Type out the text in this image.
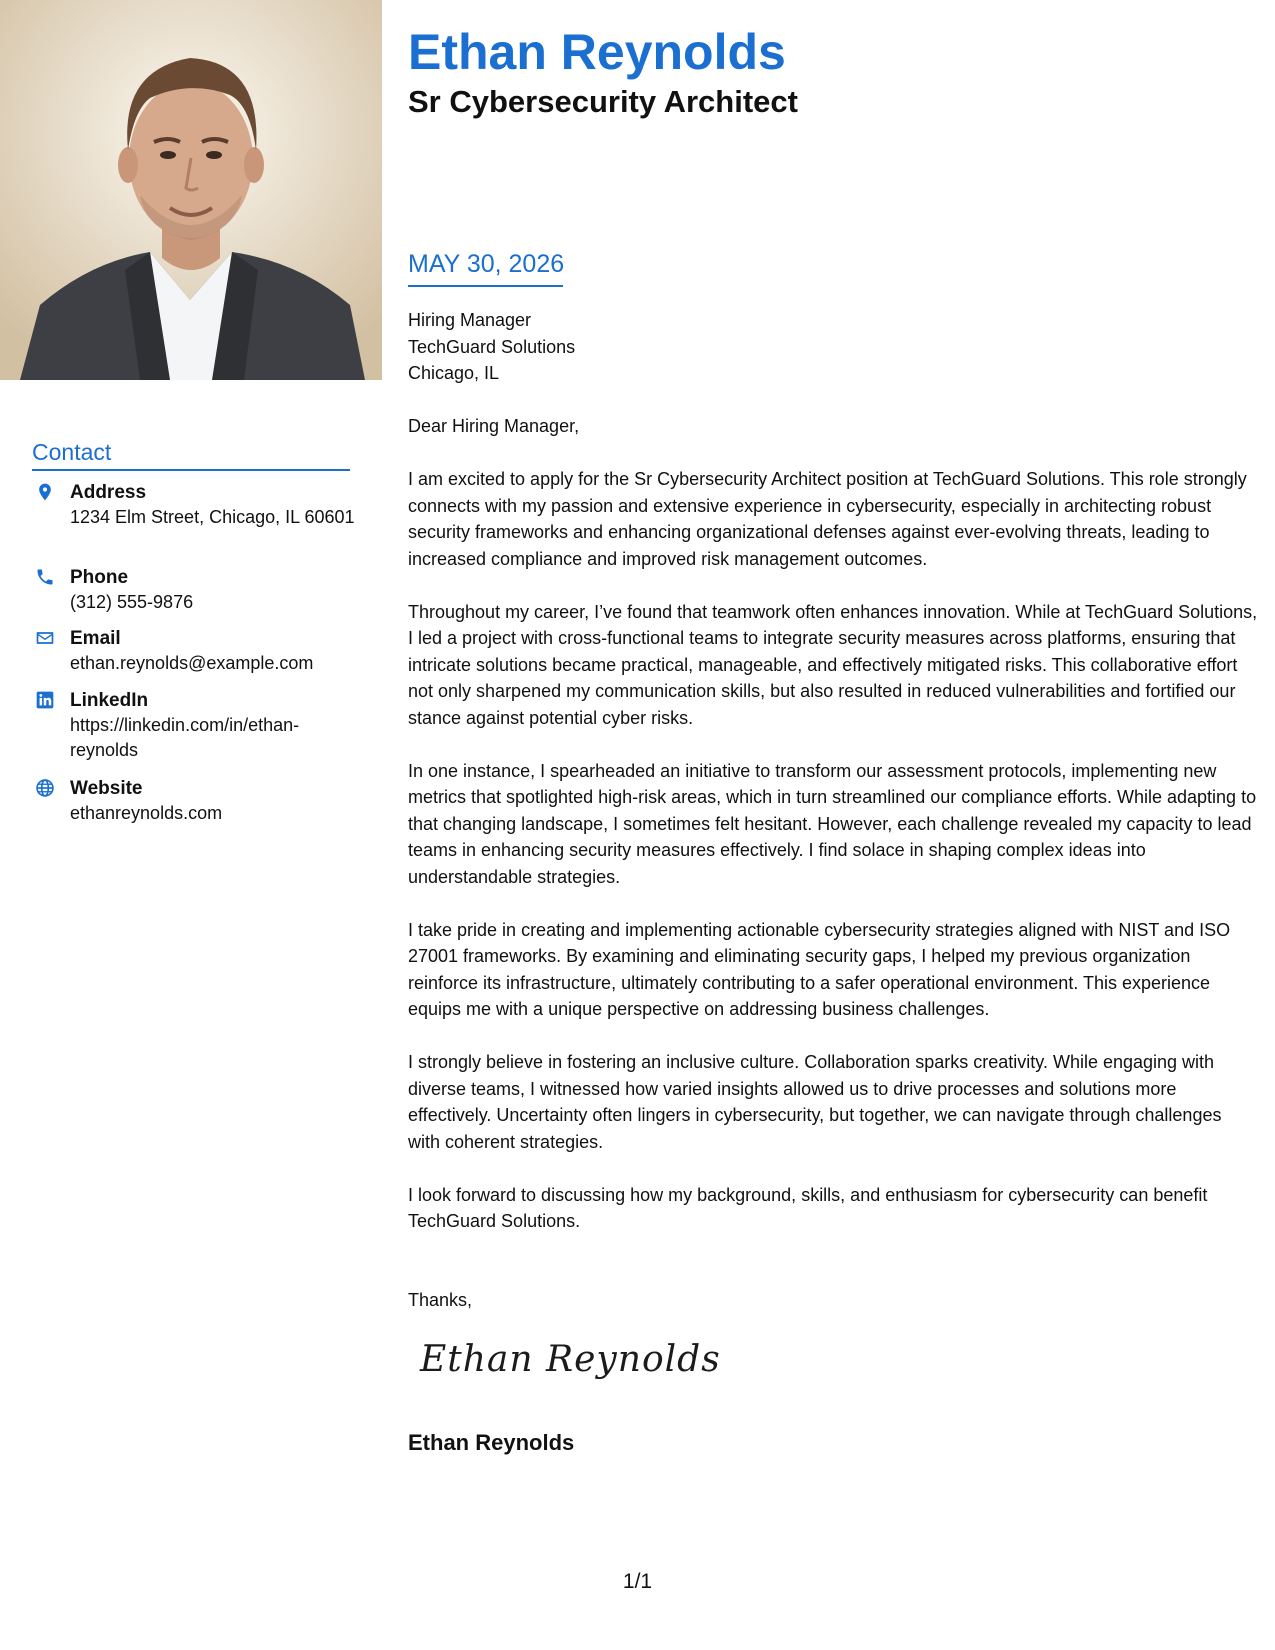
Ethan Reynolds
Sr Cybersecurity Architect
MAY 30, 2026
Hiring Manager
TechGuard Solutions
Chicago, IL

Dear Hiring Manager,

I am excited to apply for the Sr Cybersecurity Architect position at TechGuard Solutions. This role strongly connects with my passion and extensive experience in cybersecurity, especially in architecting robust security frameworks and enhancing organizational defenses against ever-evolving threats, leading to increased compliance and improved risk management outcomes.

Throughout my career, I’ve found that teamwork often enhances innovation. While at TechGuard Solutions, I led a project with cross-functional teams to integrate security measures across platforms, ensuring that intricate solutions became practical, manageable, and effectively mitigated risks. This collaborative effort not only sharpened my communication skills, but also resulted in reduced vulnerabilities and fortified our stance against potential cyber risks.

In one instance, I spearheaded an initiative to transform our assessment protocols, implementing new metrics that spotlighted high-risk areas, which in turn streamlined our compliance efforts. While adapting to that changing landscape, I sometimes felt hesitant. However, each challenge revealed my capacity to lead teams in enhancing security measures effectively. I find solace in shaping complex ideas into understandable strategies.

I take pride in creating and implementing actionable cybersecurity strategies aligned with NIST and ISO 27001 frameworks. By examining and eliminating security gaps, I helped my previous organization reinforce its infrastructure, ultimately contributing to a safer operational environment. This experience equips me with a unique perspective on addressing business challenges.

I strongly believe in fostering an inclusive culture. Collaboration sparks creativity. While engaging with diverse teams, I witnessed how varied insights allowed us to drive processes and solutions more effectively. Uncertainty often lingers in cybersecurity, but together, we can navigate through challenges with coherent strategies.

I look forward to discussing how my background, skills, and enthusiasm for cybersecurity can benefit TechGuard Solutions.

Thanks,
Ethan Reynolds
Ethan Reynolds
Contact
Address
1234 Elm Street, Chicago, IL 60601
Phone
(312) 555-9876
Email
ethan.reynolds@example.com
LinkedIn
https://linkedin.com/in/ethan-reynolds
Website
ethanreynolds.com
1/1
